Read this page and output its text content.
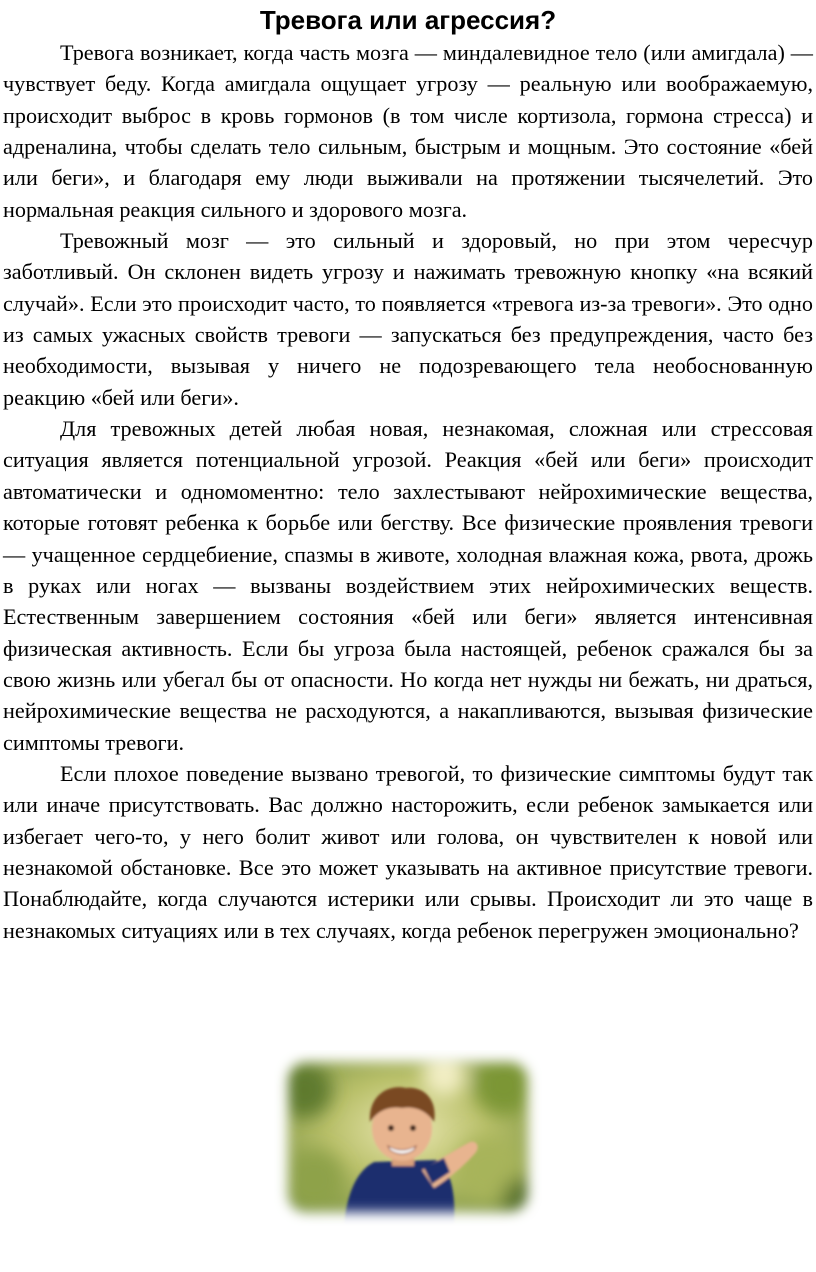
Тревога или агрессия?

Тревога возникает, когда часть мозга — миндалевидное тело (или амигдала) — чувствует беду. Когда амигдала ощущает угрозу — реальную или воображаемую, происходит выброс в кровь гормонов (в том числе кортизола, гормона стресса) и адреналина, чтобы сделать тело сильным, быстрым и мощным. Это состояние «бей или беги», и благодаря ему люди выживали на протяжении тысячелетий. Это нормальная реакция сильного и здорового мозга.

Тревожный мозг — это сильный и здоровый, но при этом чересчур заботливый. Он склонен видеть угрозу и нажимать тревожную кнопку «на всякий случай». Если это происходит часто, то появляется «тревога из-за тревоги». Это одно из самых ужасных свойств тревоги — запускаться без предупреждения, часто без необходимости, вызывая у ничего не подозревающего тела необоснованную реакцию «бей или беги».

Для тревожных детей любая новая, незнакомая, сложная или стрессовая ситуация является потенциальной угрозой. Реакция «бей или беги» происходит автоматически и одномоментно: тело захлестывают нейрохимические вещества, которые готовят ребенка к борьбе или бегству. Все физические проявления тревоги — учащенное сердцебиение, спазмы в животе, холодная влажная кожа, рвота, дрожь в руках или ногах — вызваны воздействием этих нейрохимических веществ. Естественным завершением состояния «бей или беги» является интенсивная физическая активность. Если бы угроза была настоящей, ребенок сражался бы за свою жизнь или убегал бы от опасности. Но когда нет нужды ни бежать, ни драться, нейрохимические вещества не расходуются, а накапливаются, вызывая физические симптомы тревоги.

Если плохое поведение вызвано тревогой, то физические симптомы будут так или иначе присутствовать. Вас должно насторожить, если ребенок замыкается или избегает чего-то, у него болит живот или голова, он чувствителен к новой или незнакомой обстановке. Все это может указывать на активное присутствие тревоги. Понаблюдайте, когда случаются истерики или срывы. Происходит ли это чаще в незнакомых ситуациях или в тех случаях, когда ребенок перегружен эмоционально?
